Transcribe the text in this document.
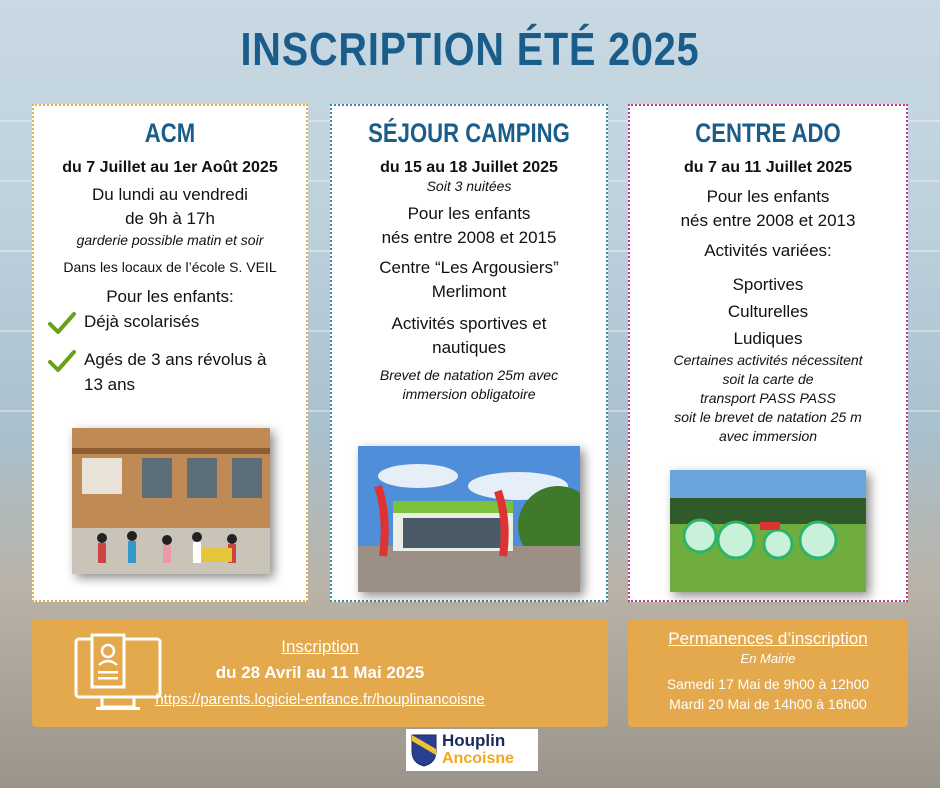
INSCRIPTION ÉTÉ 2025
ACM
du 7 Juillet au 1er Août 2025
Du lundi au vendredi
de 9h à 17h
garderie possible matin et soir
Dans les locaux de l’école S. VEIL
Pour les enfants:
Déjà scolarisés
Agés de 3 ans révolus à 13 ans
SÉJOUR CAMPING
du 15 au 18 Juillet 2025
Soit 3 nuitées
Pour les enfants
nés entre 2008 et 2015
Centre “Les Argousiers”
Merlimont
Activités sportives et
nautiques
Brevet de natation 25m avec
immersion obligatoire
CENTRE ADO
du 7 au 11 Juillet 2025
Pour les enfants
nés entre 2008 et 2013
Activités variées:
Sportives
Culturelles
Ludiques
Certaines activités nécessitent
soit la carte de
transport PASS PASS
soit le brevet de natation 25 m
avec immersion
Inscription
du 28 Avril au 11 Mai 2025
https://parents.logiciel-enfance.fr/houplinancoisne
Permanences d’inscription
En Mairie
Samedi 17 Mai de 9h00 à 12h00
Mardi 20 Mai de 14h00 à 16h00
Houplin
Ancoisne
